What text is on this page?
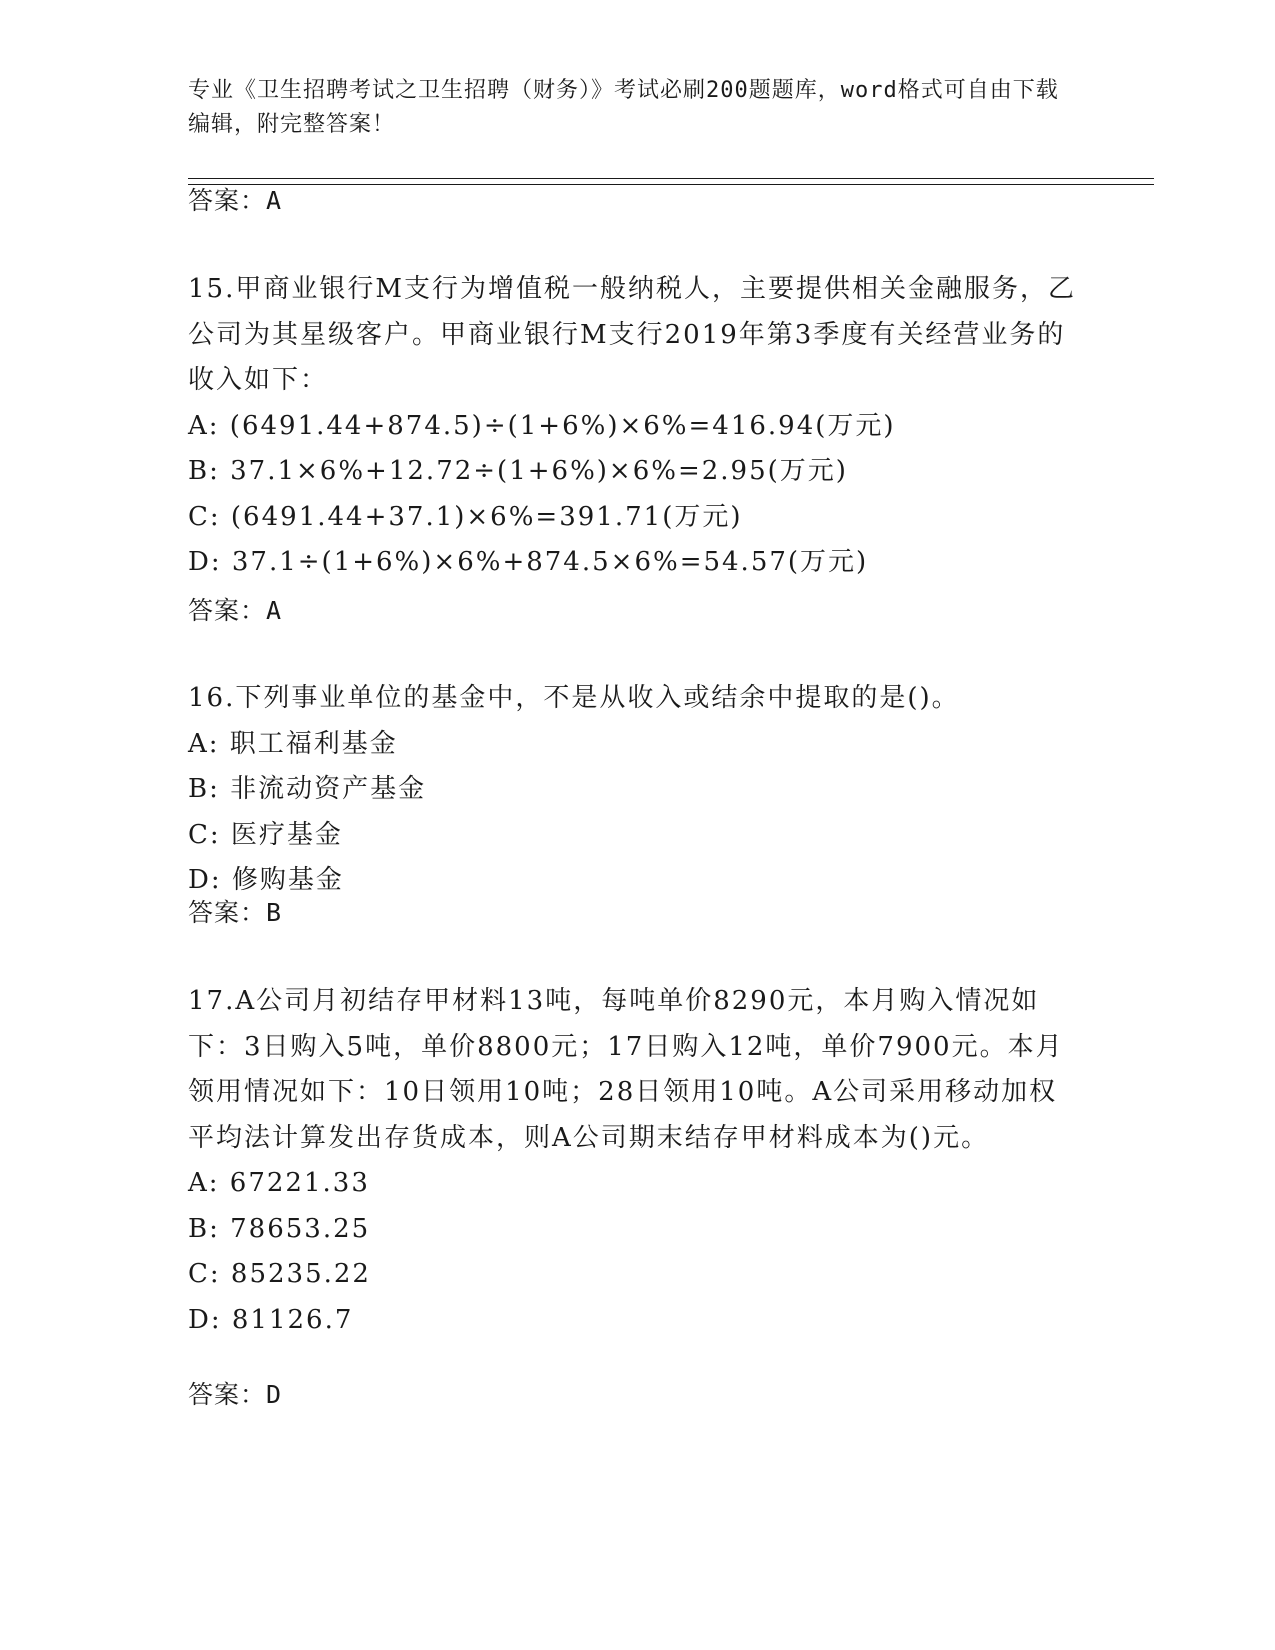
专业《卫生招聘考试之卫生招聘（财务）》考试必刷200题题库，word格式可自由下载编辑，附完整答案！
答案：A

15.甲商业银行M支行为增值税一般纳税人，主要提供相关金融服务，乙公司为其星级客户。甲商业银行M支行2019年第3季度有关经营业务的收入如下：

A: (6491.44+874.5)÷(1+6%)×6%=416.94(万元)
B: 37.1×6%+12.72÷(1+6%)×6%=2.95(万元)
C: (6491.44+37.1)×6%=391.71(万元)
D: 37.1÷(1+6%)×6%+874.5×6%=54.57(万元)
答案：A

16.下列事业单位的基金中，不是从收入或结余中提取的是()。

A: 职工福利基金
B: 非流动资产基金
C: 医疗基金
D: 修购基金
答案：B

17.A公司月初结存甲材料13吨，每吨单价8290元，本月购入情况如下：3日购入5吨，单价8800元；17日购入12吨，单价7900元。本月领用情况如下：10日领用10吨；28日领用10吨。A公司采用移动加权平均法计算发出存货成本，则A公司期末结存甲材料成本为()元。

A: 67221.33
B: 78653.25
C: 85235.22
D: 81126.7
答案：D
